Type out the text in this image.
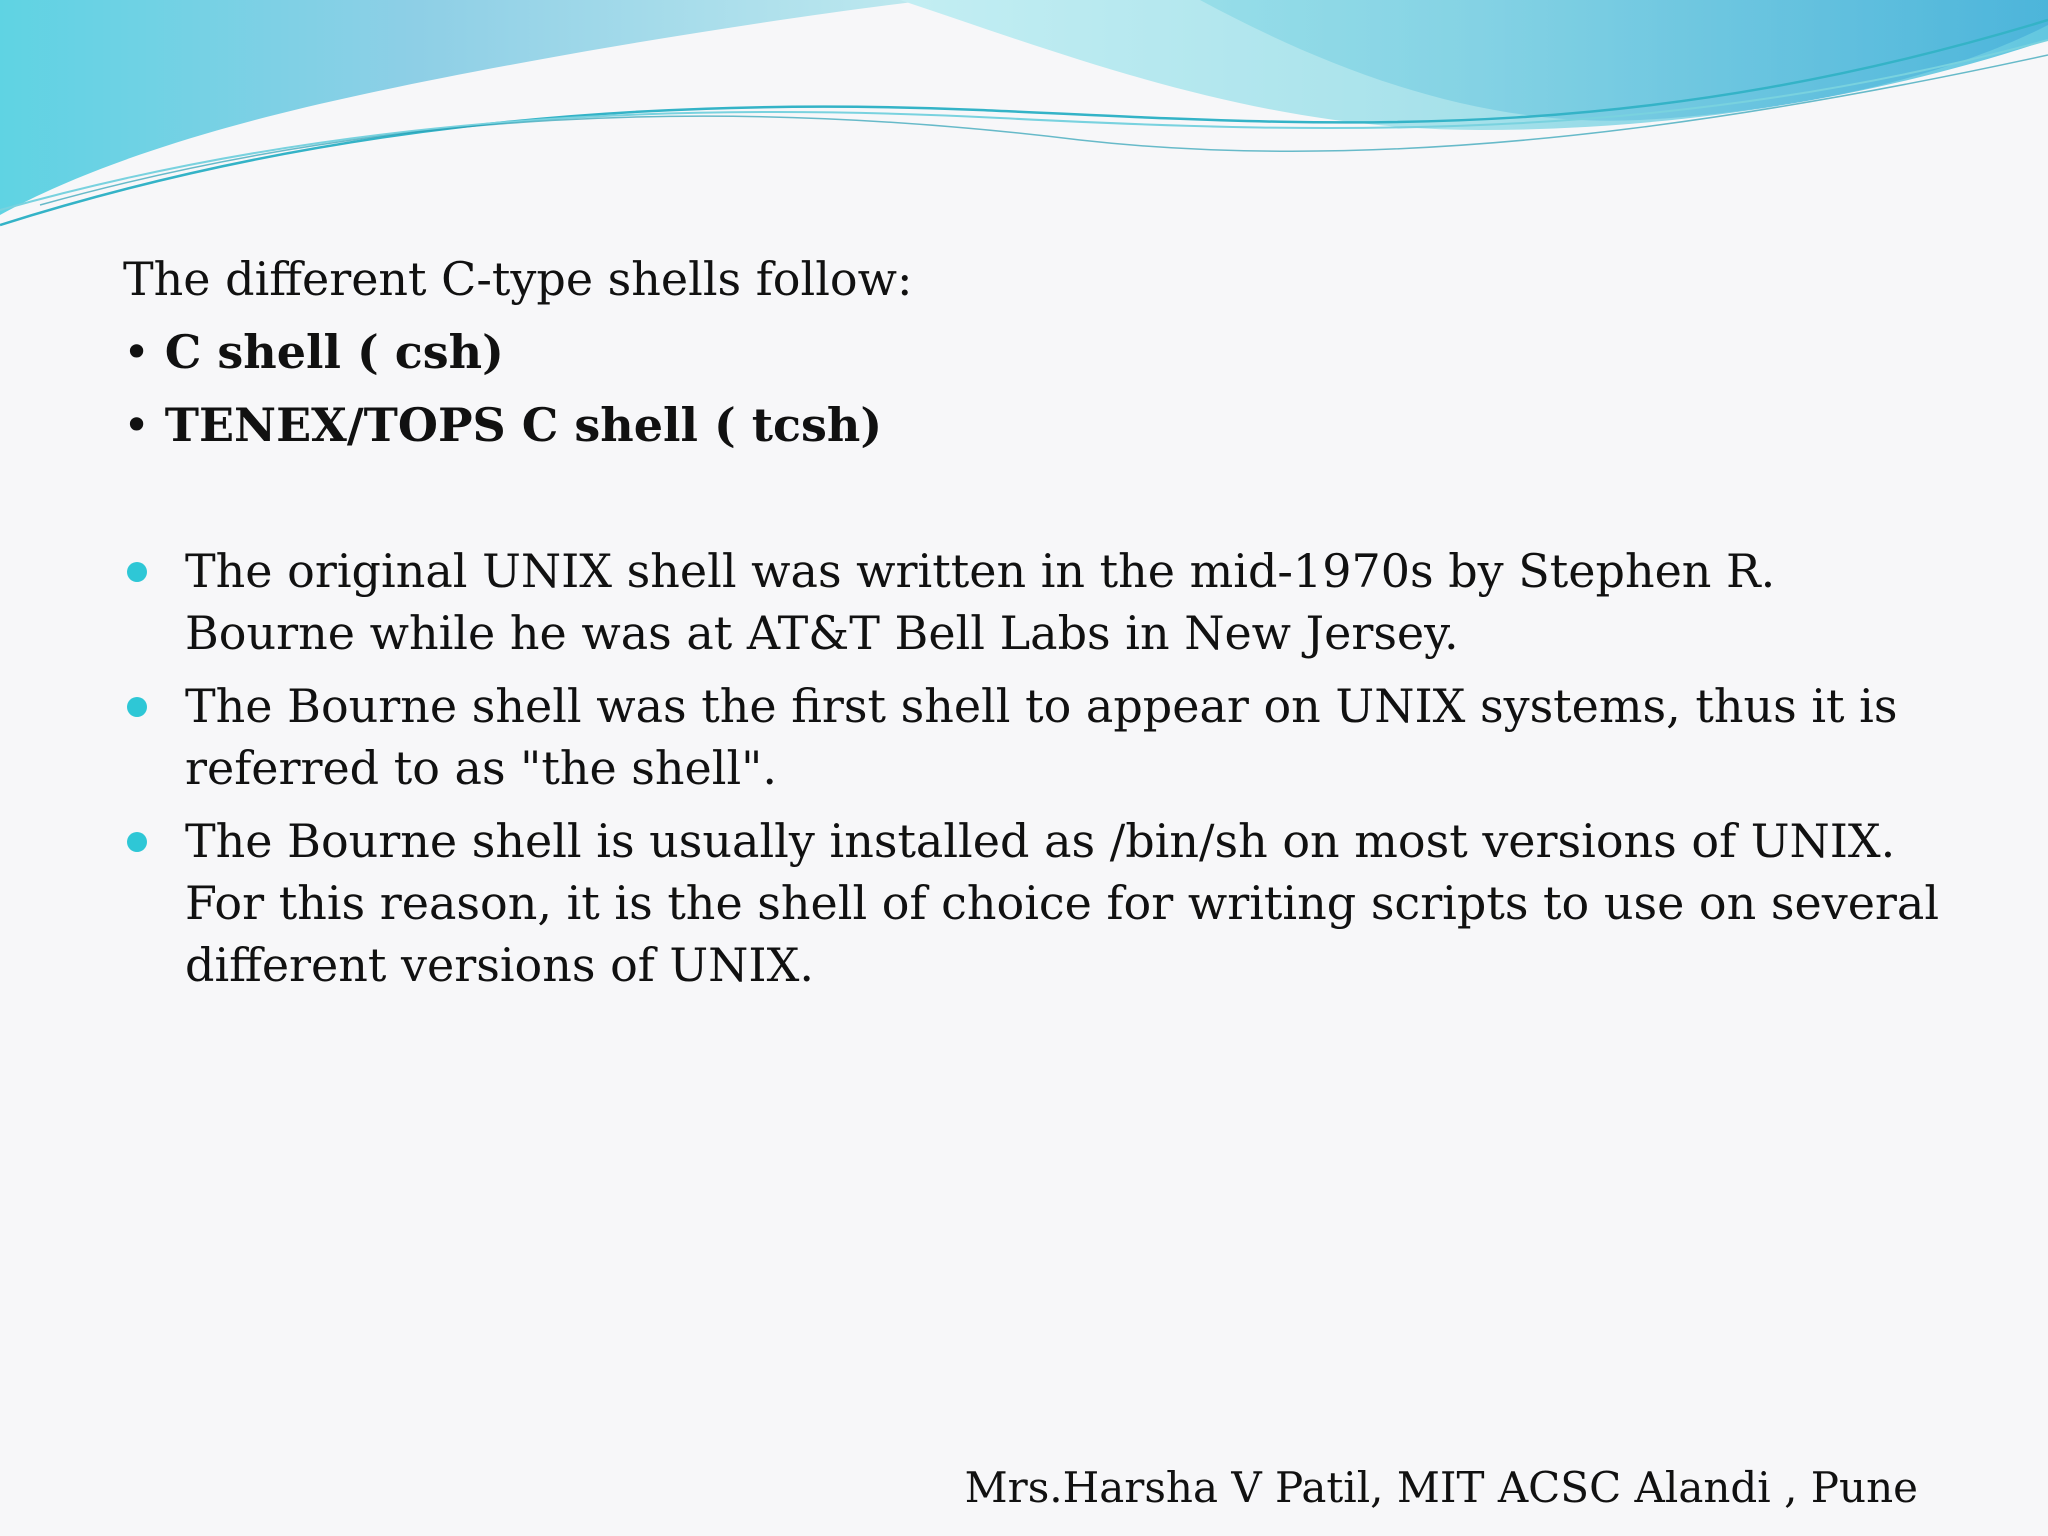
The different C-type shells follow:
• C shell ( csh)
• TENEX/TOPS C shell ( tcsh)
The original UNIX shell was written in the mid-1970s by Stephen R. Bourne while he was at AT&T Bell Labs in New Jersey.
The Bourne shell was the first shell to appear on UNIX systems, thus it is referred to as "the shell".
The Bourne shell is usually installed as /bin/sh on most versions of UNIX. For this reason, it is the shell of choice for writing scripts to use on several different versions of UNIX.
Mrs.Harsha V Patil, MIT ACSC Alandi , Pune
